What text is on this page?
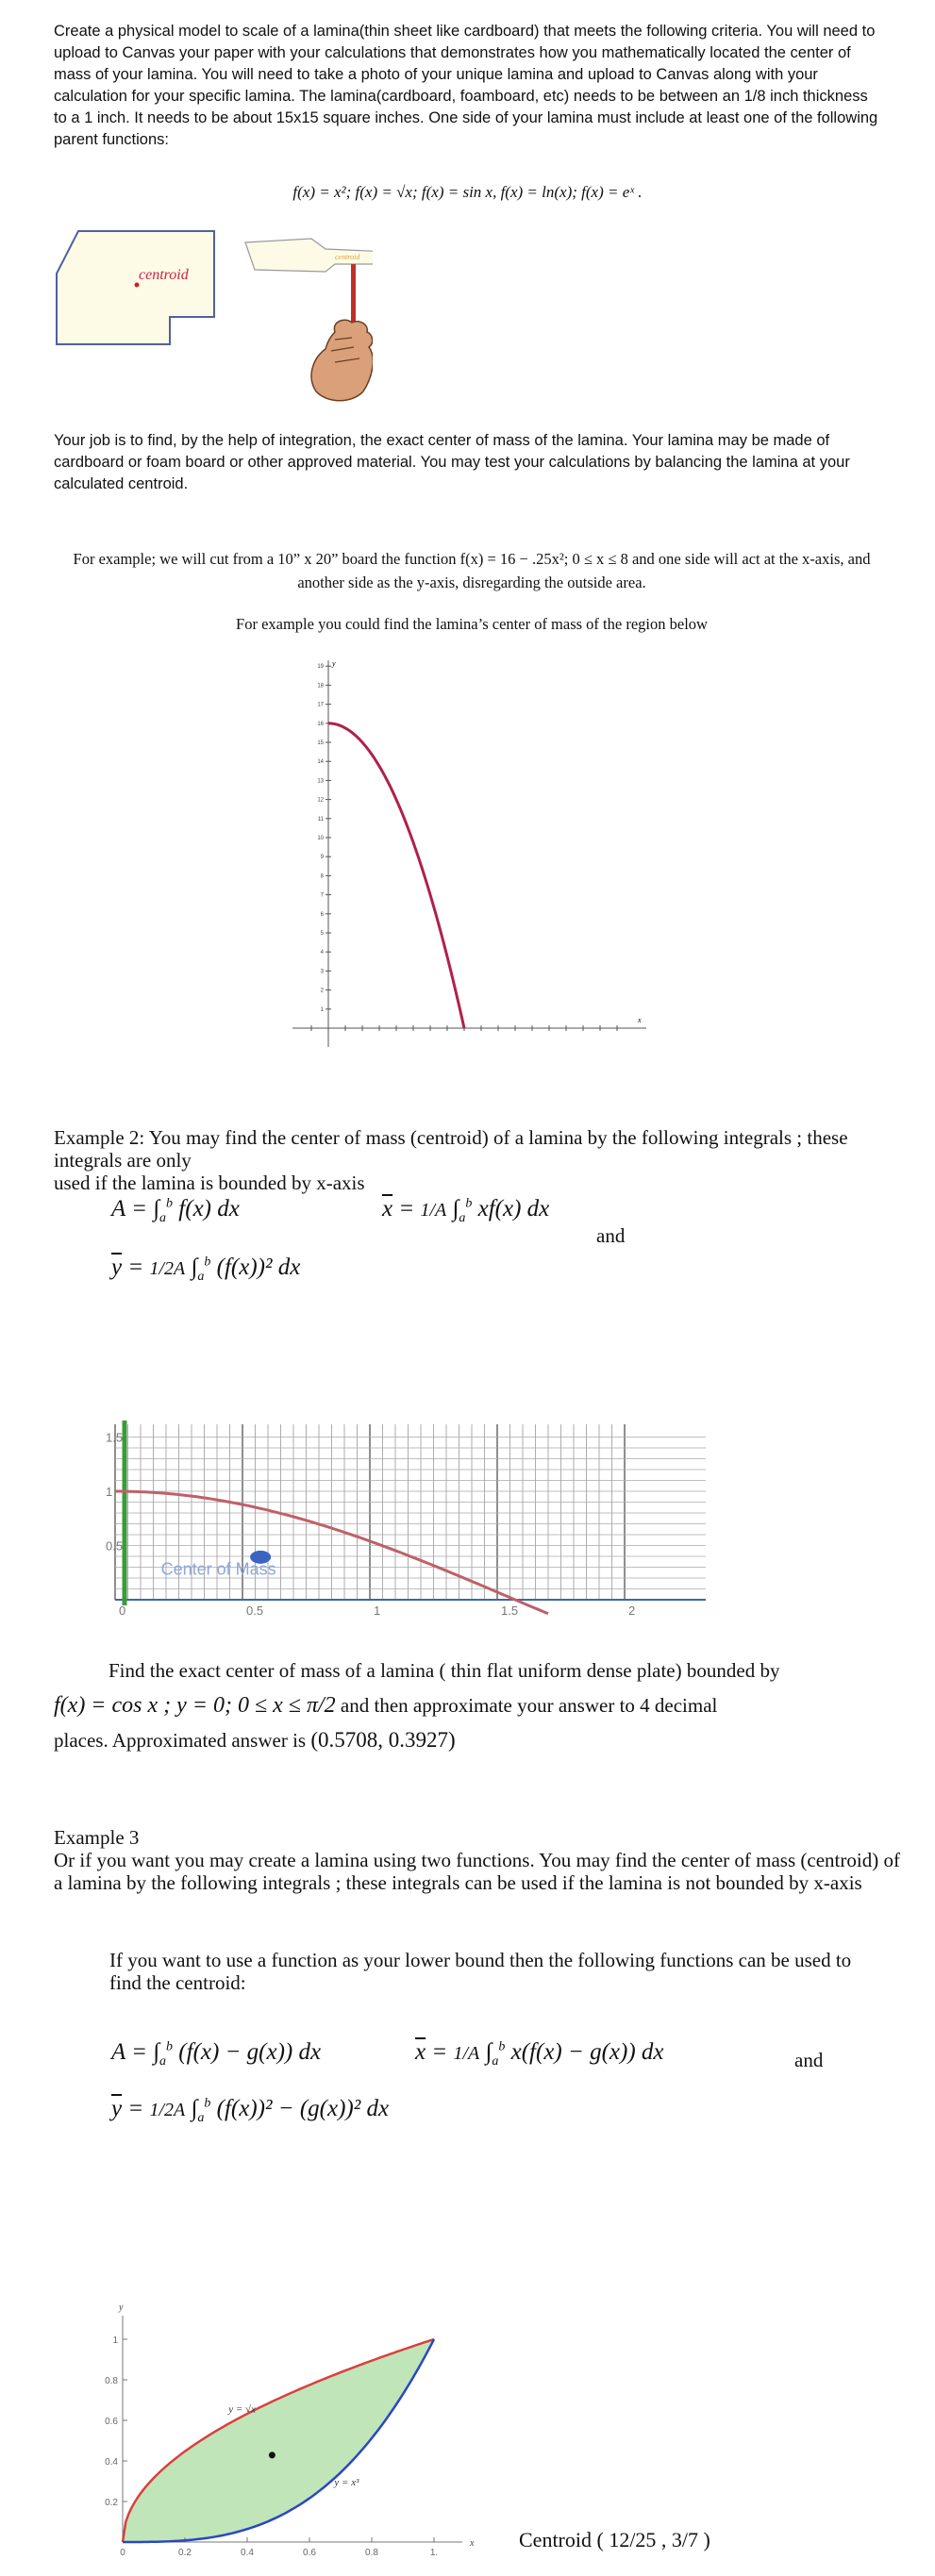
Create a physical model to scale of a lamina(thin sheet like cardboard) that meets the following criteria. You will need to upload to Canvas your paper with your calculations that demonstrates how you mathematically located the center of mass of your lamina. You will need to take a photo of your unique lamina and upload to Canvas along with your calculation for your specific lamina. The lamina(cardboard, foamboard, etc) needs to be between an 1/8 inch thickness to a 1 inch. It needs to be about 15x15 square inches. One side of your lamina must include at least one of the following parent functions:

f(x) = x²; f(x) = √x; f(x) = sin x, f(x) = ln(x); f(x) = eˣ .
centroid
centroid

Your job is to find, by the help of integration, the exact center of mass of the lamina. Your lamina may be made of cardboard or foam board or other approved material. You may test your calculations by balancing the lamina at your calculated centroid.

For example; we will cut from a 10” x 20” board the function f(x) = 16 − .25x²; 0 ≤ x ≤ 8 and one side will act at the x-axis, and another side as the y-axis, disregarding the outside area.

For example you could find the lamina’s center of mass of the region below

1
2
3
4
5
6
7
8
9
10
11
12
13
14
15
16
17
18
19 y
x

Example 2: You may find the center of mass (centroid) of a lamina by the following integrals ; these integrals are only
used if the lamina is bounded by x-axis

$A = \int_a^b$ f(x) dx	$\overline{x} = 1/A$ $\int_a^b$ xf(x) dx
and
$\overline{y} = 1/2A$ $\int_a^b$ (f(x))² dx
0.5
1
1.5
0	0.5	1	1.5	2
Center of Mass

Find the exact center of mass of a lamina ( thin flat uniform dense plate) bounded by
f(x) = cos x ; y = 0; 0 ≤ x ≤ π/2 and then approximate your answer to 4 decimal
places. Approximated answer is (0.5708, 0.3927)

Example 3
Or if you want you may create a lamina using two functions. You may find the center of mass (centroid) of a lamina by the following integrals ; these integrals can be used if the lamina is not bounded by x-axis

If you want to use a function as your lower bound then the following functions can be used to find the centroid:

$A = \int_a^b$ (f(x) − g(x)) dx	$\overline{x} = 1/A$ $\int_a^b$ x(f(x) − g(x)) dx	and
$\overline{y} = 1/2A$ $\int_a^b$ (f(x))² − (g(x))² dx
0.2
0.4
0.6
0.8
1
0	0.2	0.4	0.6	0.8	1.
y
x
y = √x
y = x³
Centroid ( 12/25 , 3/7 )
